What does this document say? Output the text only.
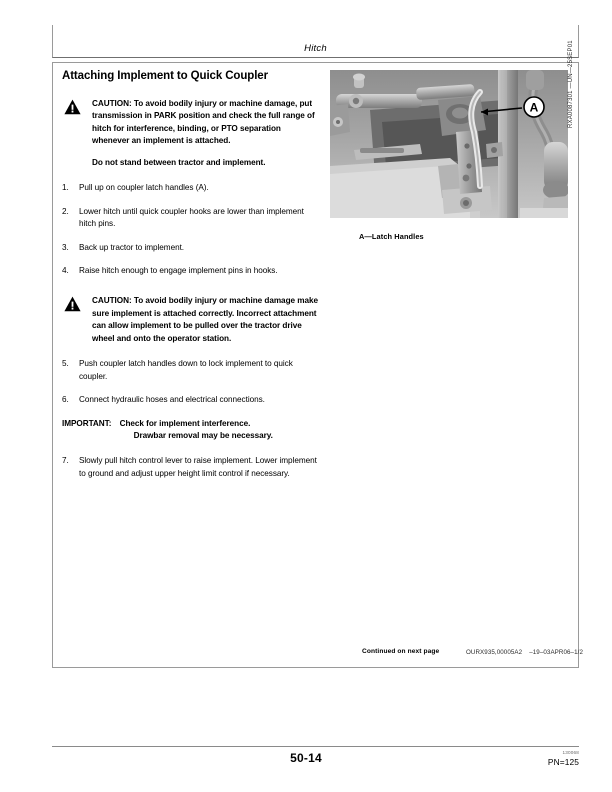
Hitch
Attaching Implement to Quick Coupler
CAUTION: To avoid bodily injury or machine damage, put transmission in PARK position and check the full range of hitch for interference, binding, or PTO separation whenever an implement is attached.
Do not stand between tractor and implement.
1.	Pull up on coupler latch handles (A).
2.	Lower hitch until quick coupler hooks are lower than implement hitch pins.
3.	Back up tractor to implement.
4.	Raise hitch enough to engage implement pins in hooks.
CAUTION: To avoid bodily injury or machine damage make sure implement is attached correctly. Incorrect attachment can allow implement to be pulled over the tractor drive wheel and onto the operator station.
5.	Push coupler latch handles down to lock implement to quick coupler.
6.	Connect hydraulic hoses and electrical connections.
IMPORTANT: Check for implement interference.
Drawbar removal may be necessary.
7.	Slowly pull hitch control lever to raise implement. Lower implement to ground and adjust upper height limit control if necessary.
A
A—Latch Handles
RXA0087301 —UN—25SEP01
Continued on next page	OURX935,00005A2 –19–03APR06–1/2
50-14	130068
PN=125
